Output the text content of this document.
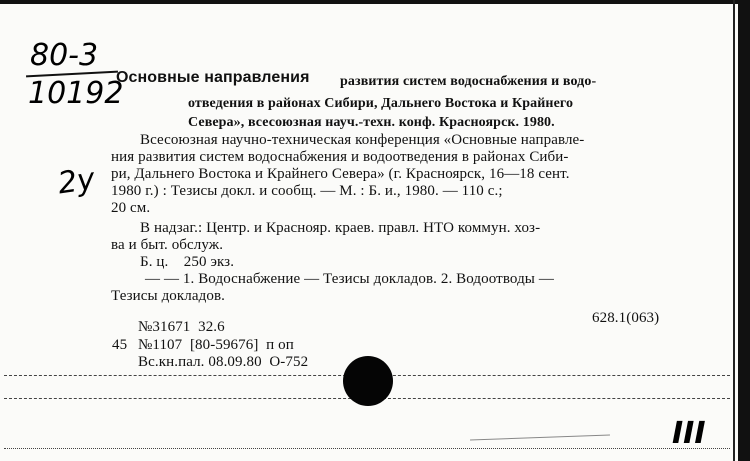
80-3
10192
2y
Основные направления развития систем водоснабжения и водо-
отведения в районах Сибири, Дальнего Востока и Крайнего
Севера», всесоюзная науч.-техн. конф. Красноярск. 1980.
Всесоюзная научно-техническая конференция «Основные направле-
ния развития систем водоснабжения и водоотведения в районах Сиби-
ри, Дальнего Востока и Крайнего Севера» (г. Красноярск, 16—18 сент.
1980 г.) : Тезисы докл. и сообщ. — М. : Б. и., 1980. — 110 с.;
20 см.
В надзаг.: Центр. и Краснояр. краев. правл. НТО коммун. хоз-
ва и быт. обслуж.
Б. ц.    250 экз.
— — 1. Водоснабжение — Тезисы докладов. 2. Водоотводы —
Тезисы докладов.
628.1(063)
№31671  32.6
45 №1107  [80-59676]  п оп
Вс.кн.пал. 08.09.80  О-752
III
